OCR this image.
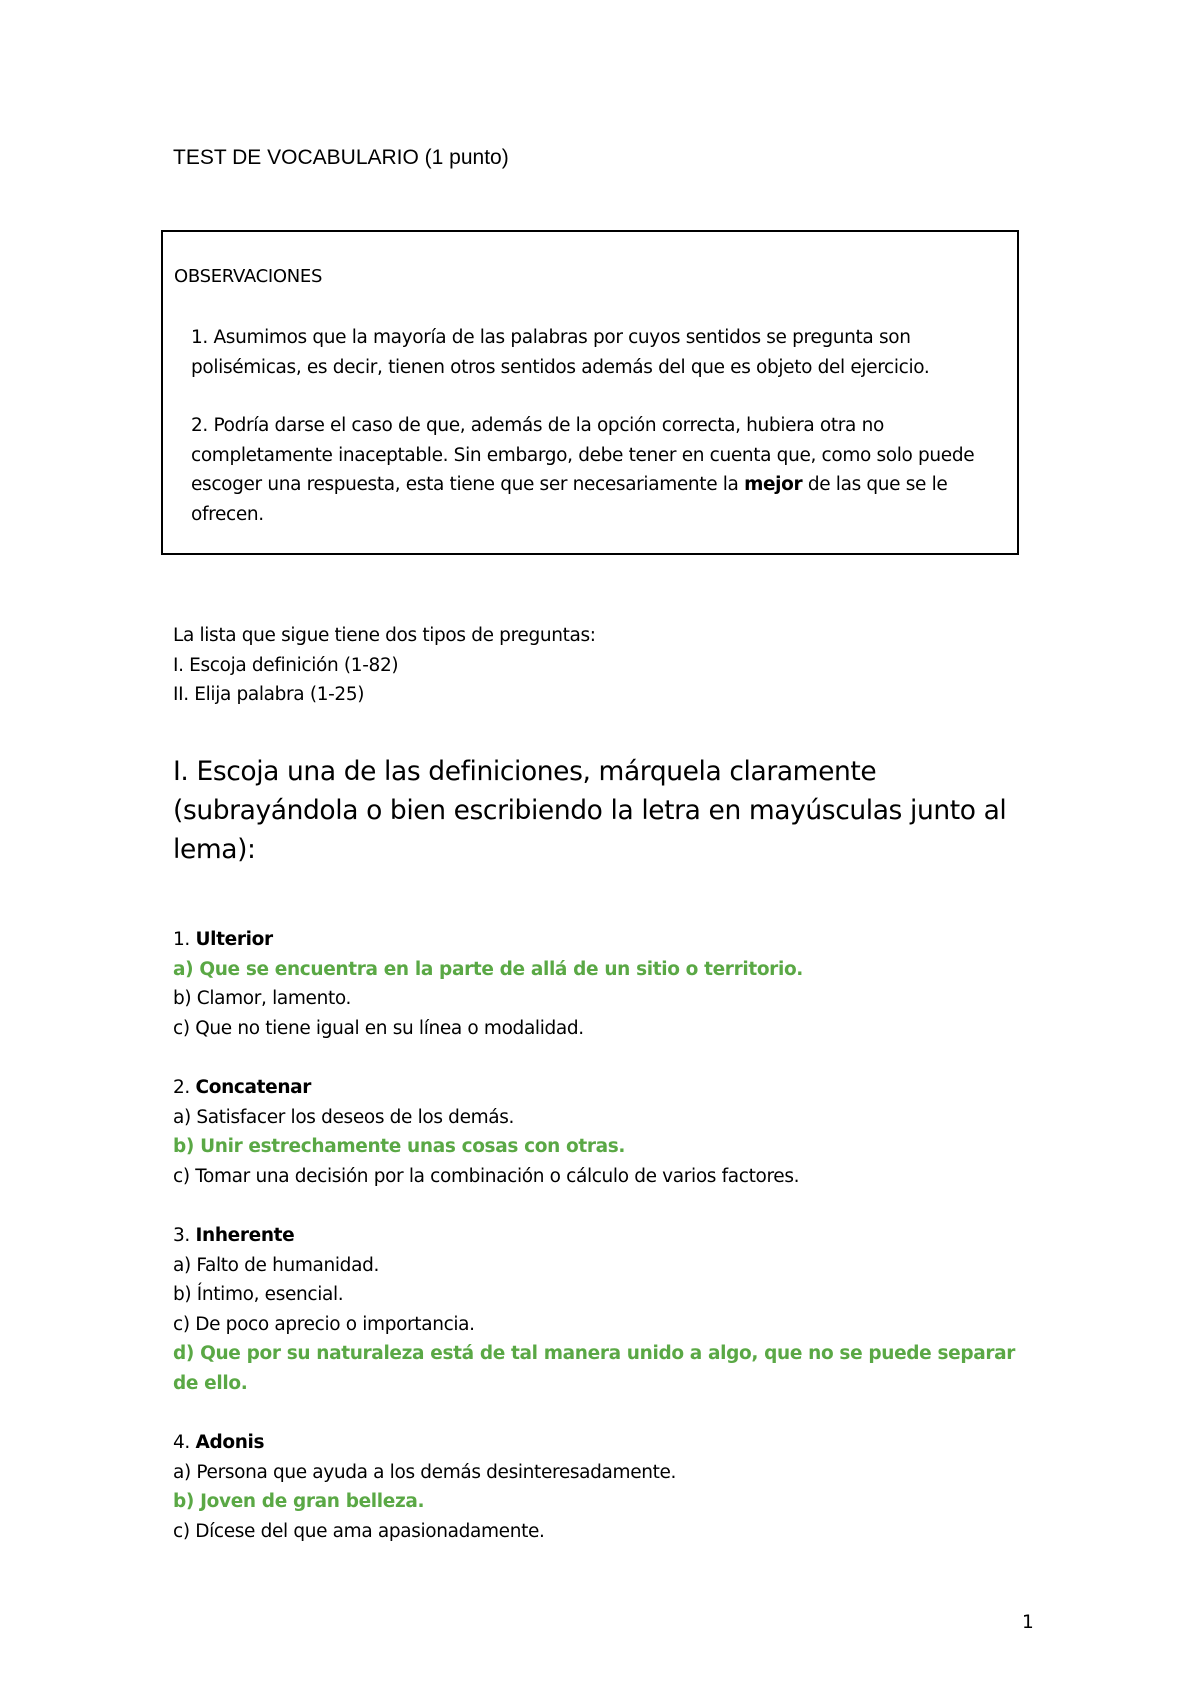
TEST DE VOCABULARIO (1 punto)
OBSERVACIONES
1. Asumimos que la mayoría de las palabras por cuyos sentidos se pregunta son polisémicas, es decir, tienen otros sentidos además del que es objeto del ejercicio.
2. Podría darse el caso de que, además de la opción correcta, hubiera otra no completamente inaceptable. Sin embargo, debe tener en cuenta que, como solo puede escoger una respuesta, esta tiene que ser necesariamente la mejor de las que se le ofrecen.
La lista que sigue tiene dos tipos de preguntas:
I. Escoja definición (1-82)
II. Elija palabra (1-25)
I. Escoja una de las definiciones, márquela claramente (subrayándola o bien escribiendo la letra en mayúsculas junto al lema):
1. Ulterior
a) Que se encuentra en la parte de allá de un sitio o territorio.
b) Clamor, lamento.
c) Que no tiene igual en su línea o modalidad.
2. Concatenar
a) Satisfacer los deseos de los demás.
b) Unir estrechamente unas cosas con otras.
c) Tomar una decisión por la combinación o cálculo de varios factores.
3. Inherente
a) Falto de humanidad.
b) Íntimo, esencial.
c) De poco aprecio o importancia.
d) Que por su naturaleza está de tal manera unido a algo, que no se puede separar de ello.
4. Adonis
a) Persona que ayuda a los demás desinteresadamente.
b) Joven de gran belleza.
c) Dícese del que ama apasionadamente.
1
